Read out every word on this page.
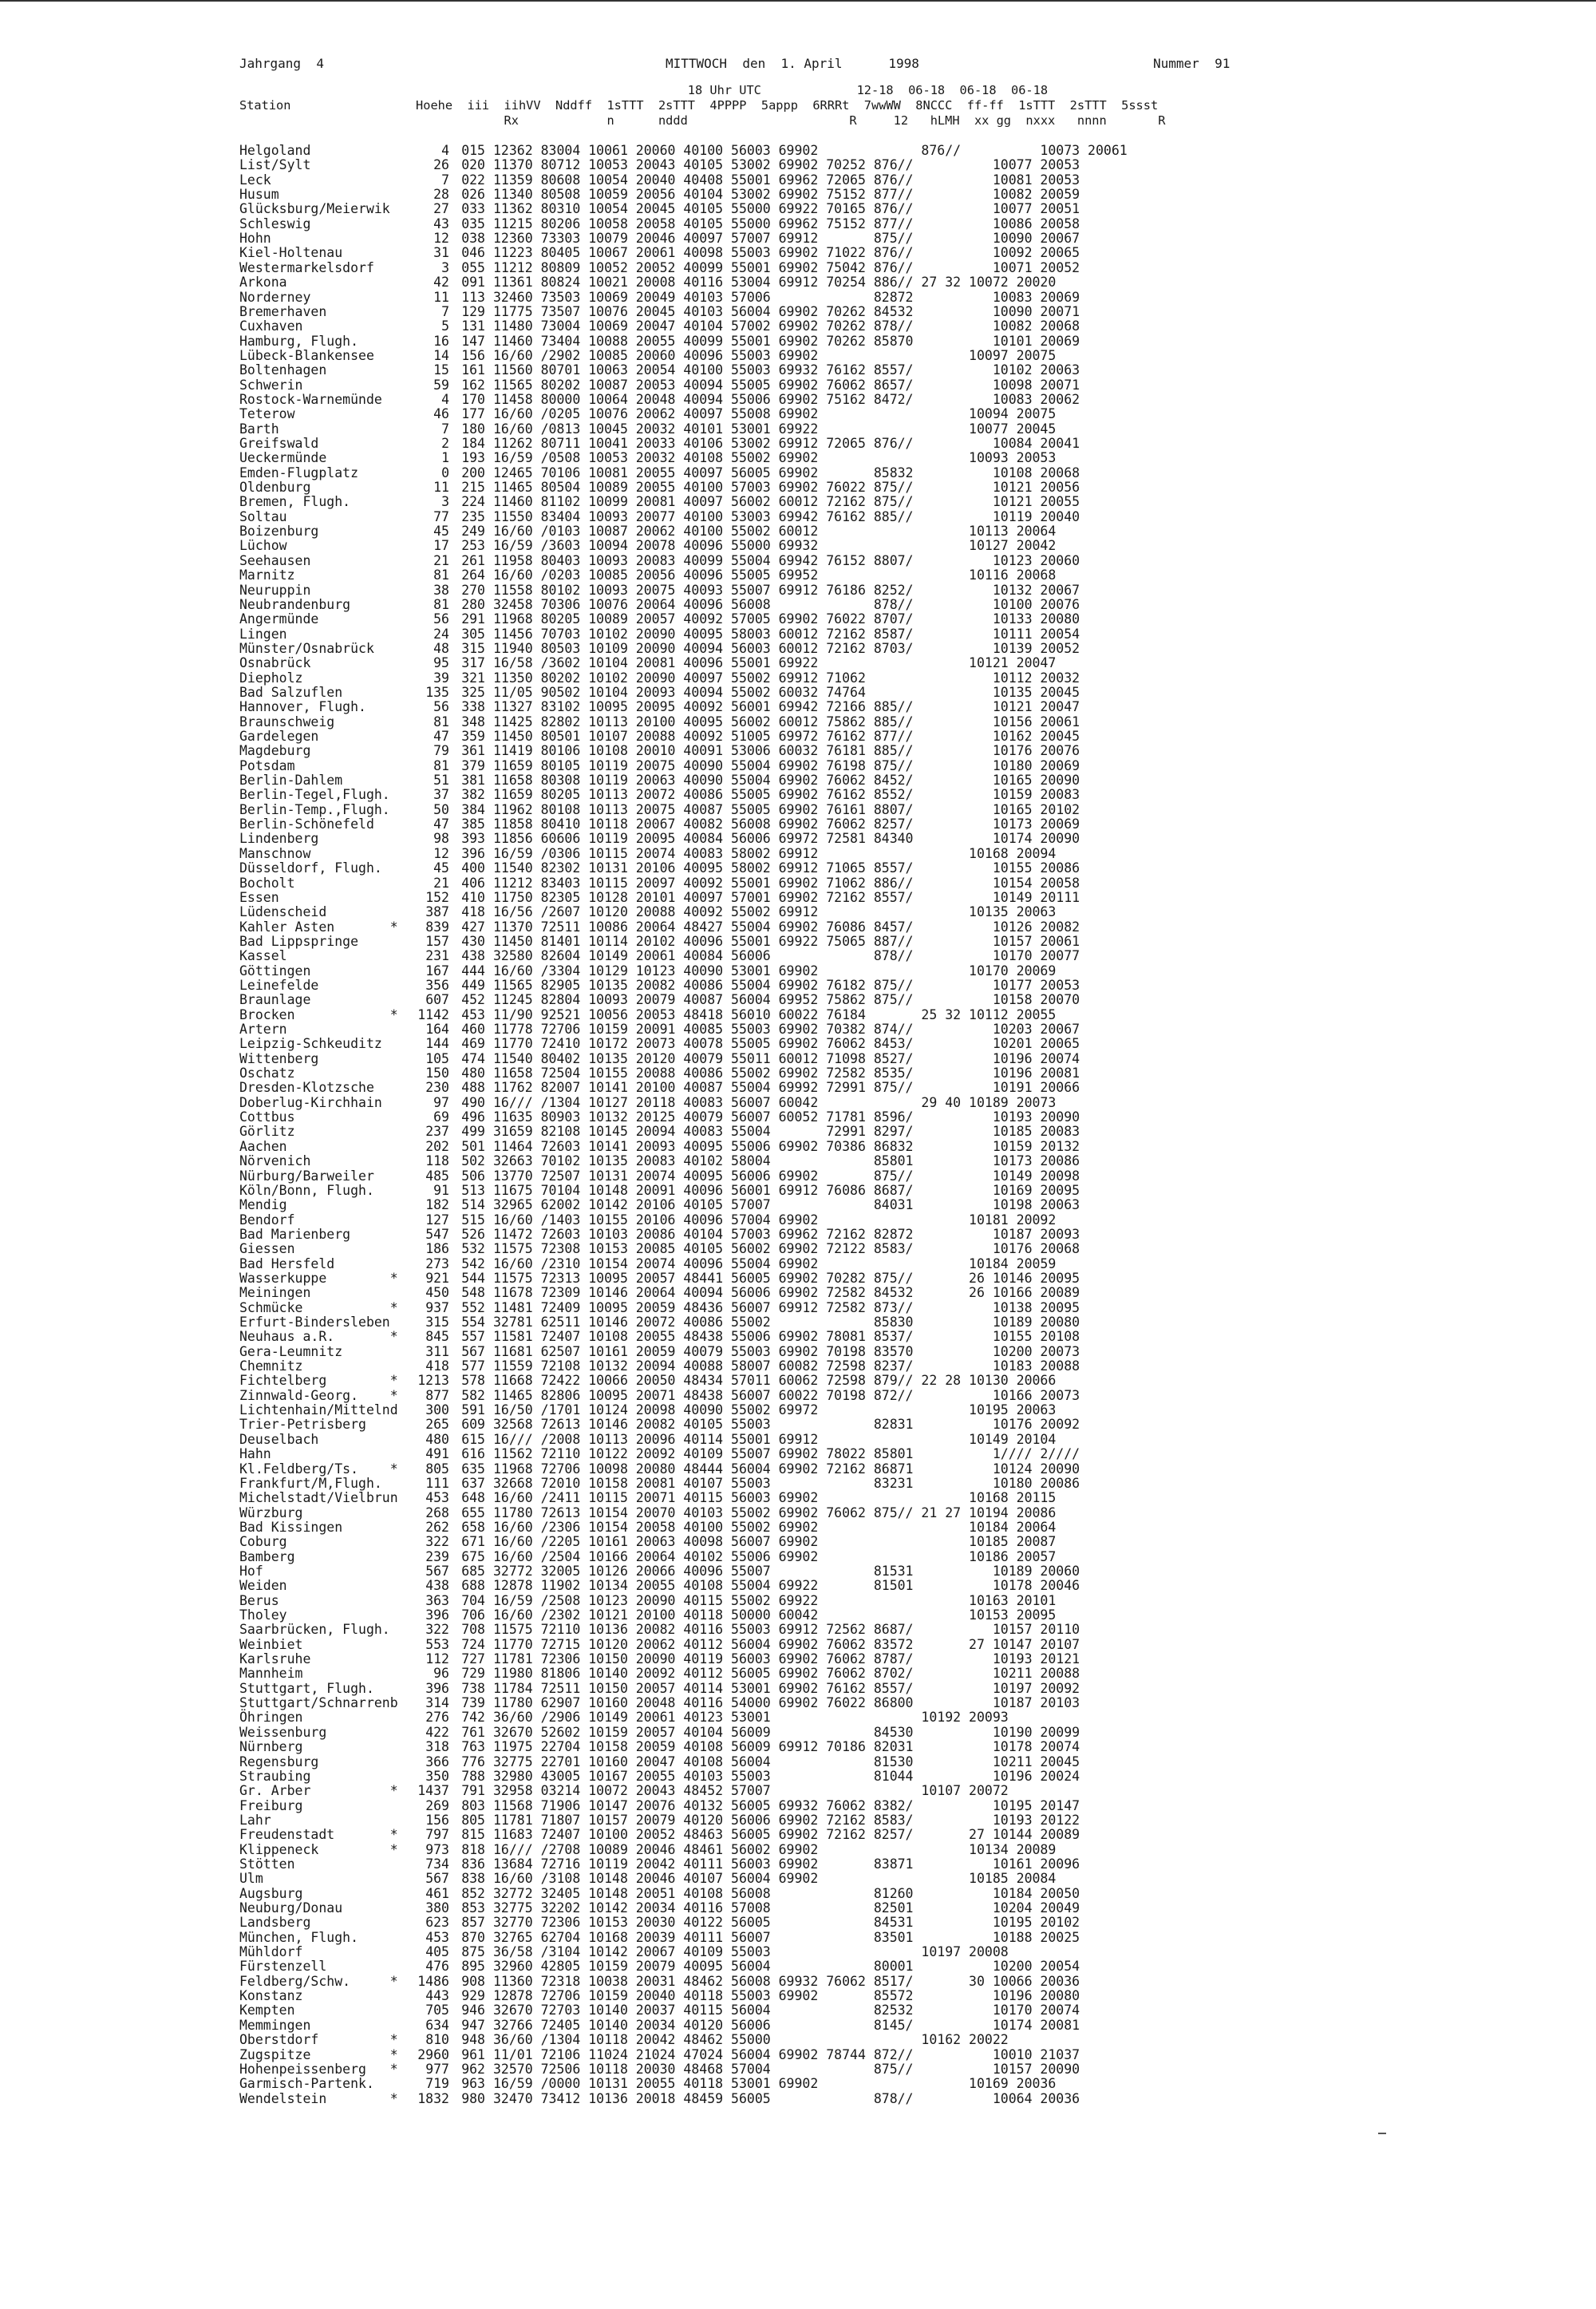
Jahrgang  4	MITTWOCH  den  1. April      1998	Nummer  91
18 Uhr UTC             12-18  06-18  06-18  06-18
Station                 Hoehe  iii  iihVV  Nddff  1sTTT  2sTTT  4PPPP  5appp  6RRRt  7wwWW  8NCCC  ff-ff  1sTTT  2sTTT  5ssst
Rx            n      nddd                      R     12   hLMH  xx gg  nxxx   nnnn       R
Helgoland	4 015 12362 83004 10061 20060 40100 56003 69902             876//          10073 20061
List/Sylt	26 020 11370 80712 10053 20043 40105 53002 69902 70252 876//          10077 20053
Leck	7 022 11359 80608 10054 20040 40408 55001 69962 72065 876//          10081 20053
Husum	28 026 11340 80508 10059 20056 40104 53002 69902 75152 877//          10082 20059
Glücksburg/Meierwik	27 033 11362 80310 10054 20045 40105 55000 69922 70165 876//          10077 20051
Schleswig	43 035 11215 80206 10058 20058 40105 55000 69962 75152 877//          10086 20058
Hohn	12 038 12360 73303 10079 20046 40097 57007 69912       875//          10090 20067
Kiel-Holtenau	31 046 11223 80405 10067 20061 40098 55003 69902 71022 876//          10092 20065
Westermarkelsdorf	3 055 11212 80809 10052 20052 40099 55001 69902 75042 876//          10071 20052
Arkona	42 091 11361 80824 10021 20008 40116 53004 69912 70254 886// 27 32 10072 20020
Norderney	11 113 32460 73503 10069 20049 40103 57006             82872          10083 20069
Bremerhaven	7 129 11775 73507 10076 20045 40103 56004 69902 70262 84532          10090 20071
Cuxhaven	5 131 11480 73004 10069 20047 40104 57002 69902 70262 878//          10082 20068
Hamburg, Flugh.	16 147 11460 73404 10088 20055 40099 55001 69902 70262 85870          10101 20069
Lübeck-Blankensee	14 156 16/60 /2902 10085 20060 40096 55003 69902                   10097 20075
Boltenhagen	15 161 11560 80701 10063 20054 40100 55003 69932 76162 8557/          10102 20063
Schwerin	59 162 11565 80202 10087 20053 40094 55005 69902 76062 8657/          10098 20071
Rostock-Warnemünde	4 170 11458 80000 10064 20048 40094 55006 69902 75162 8472/          10083 20062
Teterow	46 177 16/60 /0205 10076 20062 40097 55008 69902                   10094 20075
Barth	7 180 16/60 /0813 10045 20032 40101 53001 69922                   10077 20045
Greifswald	2 184 11262 80711 10041 20033 40106 53002 69912 72065 876//          10084 20041
Ueckermünde	1 193 16/59 /0508 10053 20032 40108 55002 69902                   10093 20053
Emden-Flugplatz	0 200 12465 70106 10081 20055 40097 56005 69902       85832          10108 20068
Oldenburg	11 215 11465 80504 10089 20055 40100 57003 69902 76022 875//          10121 20056
Bremen, Flugh.	3 224 11460 81102 10099 20081 40097 56002 60012 72162 875//          10121 20055
Soltau	77 235 11550 83404 10093 20077 40100 53003 69942 76162 885//          10119 20040
Boizenburg	45 249 16/60 /0103 10087 20062 40100 55002 60012                   10113 20064
Lüchow	17 253 16/59 /3603 10094 20078 40096 55000 69932                   10127 20042
Seehausen	21 261 11958 80403 10093 20083 40099 55004 69942 76152 8807/          10123 20060
Marnitz	81 264 16/60 /0203 10085 20056 40096 55005 69952                   10116 20068
Neuruppin	38 270 11558 80102 10093 20075 40093 55007 69912 76186 8252/          10132 20067
Neubrandenburg	81 280 32458 70306 10076 20064 40096 56008             878//          10100 20076
Angermünde	56 291 11968 80205 10089 20057 40092 57005 69902 76022 8707/          10133 20080
Lingen	24 305 11456 70703 10102 20090 40095 58003 60012 72162 8587/          10111 20054
Münster/Osnabrück	48 315 11940 80503 10109 20090 40094 56003 60012 72162 8703/          10139 20052
Osnabrück	95 317 16/58 /3602 10104 20081 40096 55001 69922                   10121 20047
Diepholz	39 321 11350 80202 10102 20090 40097 55002 69912 71062                10112 20032
Bad Salzuflen	135 325 11/05 90502 10104 20093 40094 55002 60032 74764                10135 20045
Hannover, Flugh.	56 338 11327 83102 10095 20095 40092 56001 69942 72166 885//          10121 20047
Braunschweig	81 348 11425 82802 10113 20100 40095 56002 60012 75862 885//          10156 20061
Gardelegen	47 359 11450 80501 10107 20088 40092 51005 69972 76162 877//          10162 20045
Magdeburg	79 361 11419 80106 10108 20010 40091 53006 60032 76181 885//          10176 20076
Potsdam	81 379 11659 80105 10119 20075 40090 55004 69902 76198 875//          10180 20069
Berlin-Dahlem	51 381 11658 80308 10119 20063 40090 55004 69902 76062 8452/          10165 20090
Berlin-Tegel,Flugh.	37 382 11659 80205 10113 20072 40086 55005 69902 76162 8552/          10159 20083
Berlin-Temp.,Flugh.	50 384 11962 80108 10113 20075 40087 55005 69902 76161 8807/          10165 20102
Berlin-Schönefeld	47 385 11858 80410 10118 20067 40082 56008 69902 76062 8257/          10173 20069
Lindenberg	98 393 11856 60606 10119 20095 40084 56006 69972 72581 84340          10174 20090
Manschnow	12 396 16/59 /0306 10115 20074 40083 58002 69912                   10168 20094
Düsseldorf, Flugh.	45 400 11540 82302 10131 20106 40095 58002 69912 71065 8557/          10155 20086
Bocholt	21 406 11212 83403 10115 20097 40092 55001 69902 71062 886//          10154 20058
Essen	152 410 11750 82305 10128 20101 40097 57001 69902 72162 8557/          10149 20111
Lüdenscheid	387 418 16/56 /2607 10120 20088 40092 55002 69912                   10135 20063
Kahler Asten       *	839 427 11370 72511 10086 20064 48427 55004 69902 76086 8457/          10126 20082
Bad Lippspringe	157 430 11450 81401 10114 20102 40096 55001 69922 75065 887//          10157 20061
Kassel	231 438 32580 82604 10149 20061 40084 56006             878//          10170 20077
Göttingen	167 444 16/60 /3304 10129 10123 40090 53001 69902                   10170 20069
Leinefelde	356 449 11565 82905 10135 20082 40086 55004 69902 76182 875//          10177 20053
Braunlage	607 452 11245 82804 10093 20079 40087 56004 69952 75862 875//          10158 20070
Brocken            *	1142 453 11/90 92521 10056 20053 48418 56010 60022 76184       25 32 10112 20055
Artern	164 460 11778 72706 10159 20091 40085 55003 69902 70382 874//          10203 20067
Leipzig-Schkeuditz	144 469 11770 72410 10172 20073 40078 55005 69902 76062 8453/          10201 20065
Wittenberg	105 474 11540 80402 10135 20120 40079 55011 60012 71098 8527/          10196 20074
Oschatz	150 480 11658 72504 10155 20088 40086 55002 69902 72582 8535/          10196 20081
Dresden-Klotzsche	230 488 11762 82007 10141 20100 40087 55004 69992 72991 875//          10191 20066
Doberlug-Kirchhain	97 490 16/// /1304 10127 20118 40083 56007 60042             29 40 10189 20073
Cottbus	69 496 11635 80903 10132 20125 40079 56007 60052 71781 8596/          10193 20090
Görlitz	237 499 31659 82108 10145 20094 40083 55004       72991 8297/          10185 20083
Aachen	202 501 11464 72603 10141 20093 40095 55006 69902 70386 86832          10159 20132
Nörvenich	118 502 32663 70102 10135 20083 40102 58004             85801          10173 20086
Nürburg/Barweiler	485 506 13770 72507 10131 20074 40095 56006 69902       875//          10149 20098
Köln/Bonn, Flugh.	91 513 11675 70104 10148 20091 40096 56001 69912 76086 8687/          10169 20095
Mendig	182 514 32965 62002 10142 20106 40105 57007             84031          10198 20063
Bendorf	127 515 16/60 /1403 10155 20106 40096 57004 69902                   10181 20092
Bad Marienberg	547 526 11472 72603 10103 20086 40104 57003 69962 72162 82872          10187 20093
Giessen	186 532 11575 72308 10153 20085 40105 56002 69902 72122 8583/          10176 20068
Bad Hersfeld	273 542 16/60 /2310 10154 20074 40096 55004 69902                   10184 20059
Wasserkuppe        *	921 544 11575 72313 10095 20057 48441 56005 69902 70282 875//       26 10146 20095
Meiningen	450 548 11678 72309 10146 20064 40094 56006 69902 72582 84532       26 10166 20089
Schmücke           *	937 552 11481 72409 10095 20059 48436 56007 69912 72582 873//          10138 20095
Erfurt-Bindersleben	315 554 32781 62511 10146 20072 40086 55002             85830          10189 20080
Neuhaus a.R.       *	845 557 11581 72407 10108 20055 48438 55006 69902 78081 8537/          10155 20108
Gera-Leumnitz	311 567 11681 62507 10161 20059 40079 55003 69902 70198 83570          10200 20073
Chemnitz	418 577 11559 72108 10132 20094 40088 58007 60082 72598 8237/          10183 20088
Fichtelberg        *	1213 578 11668 72422 10066 20050 48434 57011 60062 72598 879// 22 28 10130 20066
Zinnwald-Georg.    *	877 582 11465 82806 10095 20071 48438 56007 60022 70198 872//          10166 20073
Lichtenhain/Mittelnd	300 591 16/50 /1701 10124 20098 40090 55002 69972                   10195 20063
Trier-Petrisberg	265 609 32568 72613 10146 20082 40105 55003             82831          10176 20092
Deuselbach	480 615 16/// /2008 10113 20096 40114 55001 69912                   10149 20104
Hahn	491 616 11562 72110 10122 20092 40109 55007 69902 78022 85801          1//// 2////
Kl.Feldberg/Ts.    *	805 635 11968 72706 10098 20080 48444 56004 69902 72162 86871          10124 20090
Frankfurt/M,Flugh.	111 637 32668 72010 10158 20081 40107 55003             83231          10180 20086
Michelstadt/Vielbrun	453 648 16/60 /2411 10115 20071 40115 56003 69902                   10168 20115
Würzburg	268 655 11780 72613 10154 20070 40103 55002 69902 76062 875// 21 27 10194 20086
Bad Kissingen	262 658 16/60 /2306 10154 20058 40100 55002 69902                   10184 20064
Coburg	322 671 16/60 /2205 10161 20063 40098 56007 69902                   10185 20087
Bamberg	239 675 16/60 /2504 10166 20064 40102 55006 69902                   10186 20057
Hof	567 685 32772 32005 10126 20066 40096 55007             81531          10189 20060
Weiden	438 688 12878 11902 10134 20055 40108 55004 69922       81501          10178 20046
Berus	363 704 16/59 /2508 10123 20090 40115 55002 69922                   10163 20101
Tholey	396 706 16/60 /2302 10121 20100 40118 50000 60042                   10153 20095
Saarbrücken, Flugh.	322 708 11575 72110 10136 20082 40116 55003 69912 72562 8687/          10157 20110
Weinbiet	553 724 11770 72715 10120 20062 40112 56004 69902 76062 83572       27 10147 20107
Karlsruhe	112 727 11781 72306 10150 20090 40119 56003 69902 76062 8787/          10193 20121
Mannheim	96 729 11980 81806 10140 20092 40112 56005 69902 76062 8702/          10211 20088
Stuttgart, Flugh.	396 738 11784 72511 10150 20057 40114 53001 69902 76162 8557/          10197 20092
Stuttgart/Schnarrenb	314 739 11780 62907 10160 20048 40116 54000 69902 76022 86800          10187 20103
Öhringen	276 742 36/60 /2906 10149 20061 40123 53001                   10192 20093
Weissenburg	422 761 32670 52602 10159 20057 40104 56009             84530          10190 20099
Nürnberg	318 763 11975 22704 10158 20059 40108 56009 69912 70186 82031          10178 20074
Regensburg	366 776 32775 22701 10160 20047 40108 56004             81530          10211 20045
Straubing	350 788 32980 43005 10167 20055 40103 55003             81044          10196 20024
Gr. Arber          *	1437 791 32958 03214 10072 20043 48452 57007                   10107 20072
Freiburg	269 803 11568 71906 10147 20076 40132 56005 69932 76062 8382/          10195 20147
Lahr	156 805 11781 71807 10157 20079 40120 56006 69902 72162 8583/          10193 20122
Freudenstadt       *	797 815 11683 72407 10100 20052 48463 56005 69902 72162 8257/       27 10144 20089
Klippeneck         *	973 818 16/// /2708 10089 20046 48461 56002 69902                   10134 20089
Stötten	734 836 13684 72716 10119 20042 40111 56003 69902       83871          10161 20096
Ulm	567 838 16/60 /3108 10148 20046 40107 56004 69902                   10185 20084
Augsburg	461 852 32772 32405 10148 20051 40108 56008             81260          10184 20050
Neuburg/Donau	380 853 32775 32202 10142 20034 40116 57008             82501          10204 20049
Landsberg	623 857 32770 72306 10153 20030 40122 56005             84531          10195 20102
München, Flugh.	453 870 32765 62704 10168 20039 40111 56007             83501          10188 20025
Mühldorf	405 875 36/58 /3104 10142 20067 40109 55003                   10197 20008
Fürstenzell	476 895 32960 42805 10159 20079 40095 56004             80001          10200 20054
Feldberg/Schw.     *	1486 908 11360 72318 10038 20031 48462 56008 69932 76062 8517/       30 10066 20036
Konstanz	443 929 12878 72706 10159 20040 40118 55003 69902       85572          10196 20080
Kempten	705 946 32670 72703 10140 20037 40115 56004             82532          10170 20074
Memmingen	634 947 32766 72405 10140 20034 40120 56006             8145/          10174 20081
Oberstdorf         *	810 948 36/60 /1304 10118 20042 48462 55000                   10162 20022
Zugspitze          *	2960 961 11/01 72106 11024 21024 47024 56004 69902 78744 872//          10010 21037
Hohenpeissenberg   *	977 962 32570 72506 10118 20030 48468 57004             875//          10157 20090
Garmisch-Partenk.	719 963 16/59 /0000 10131 20055 40118 53001 69902                   10169 20036
Wendelstein        *	1832 980 32470 73412 10136 20018 48459 56005             878//          10064 20036
